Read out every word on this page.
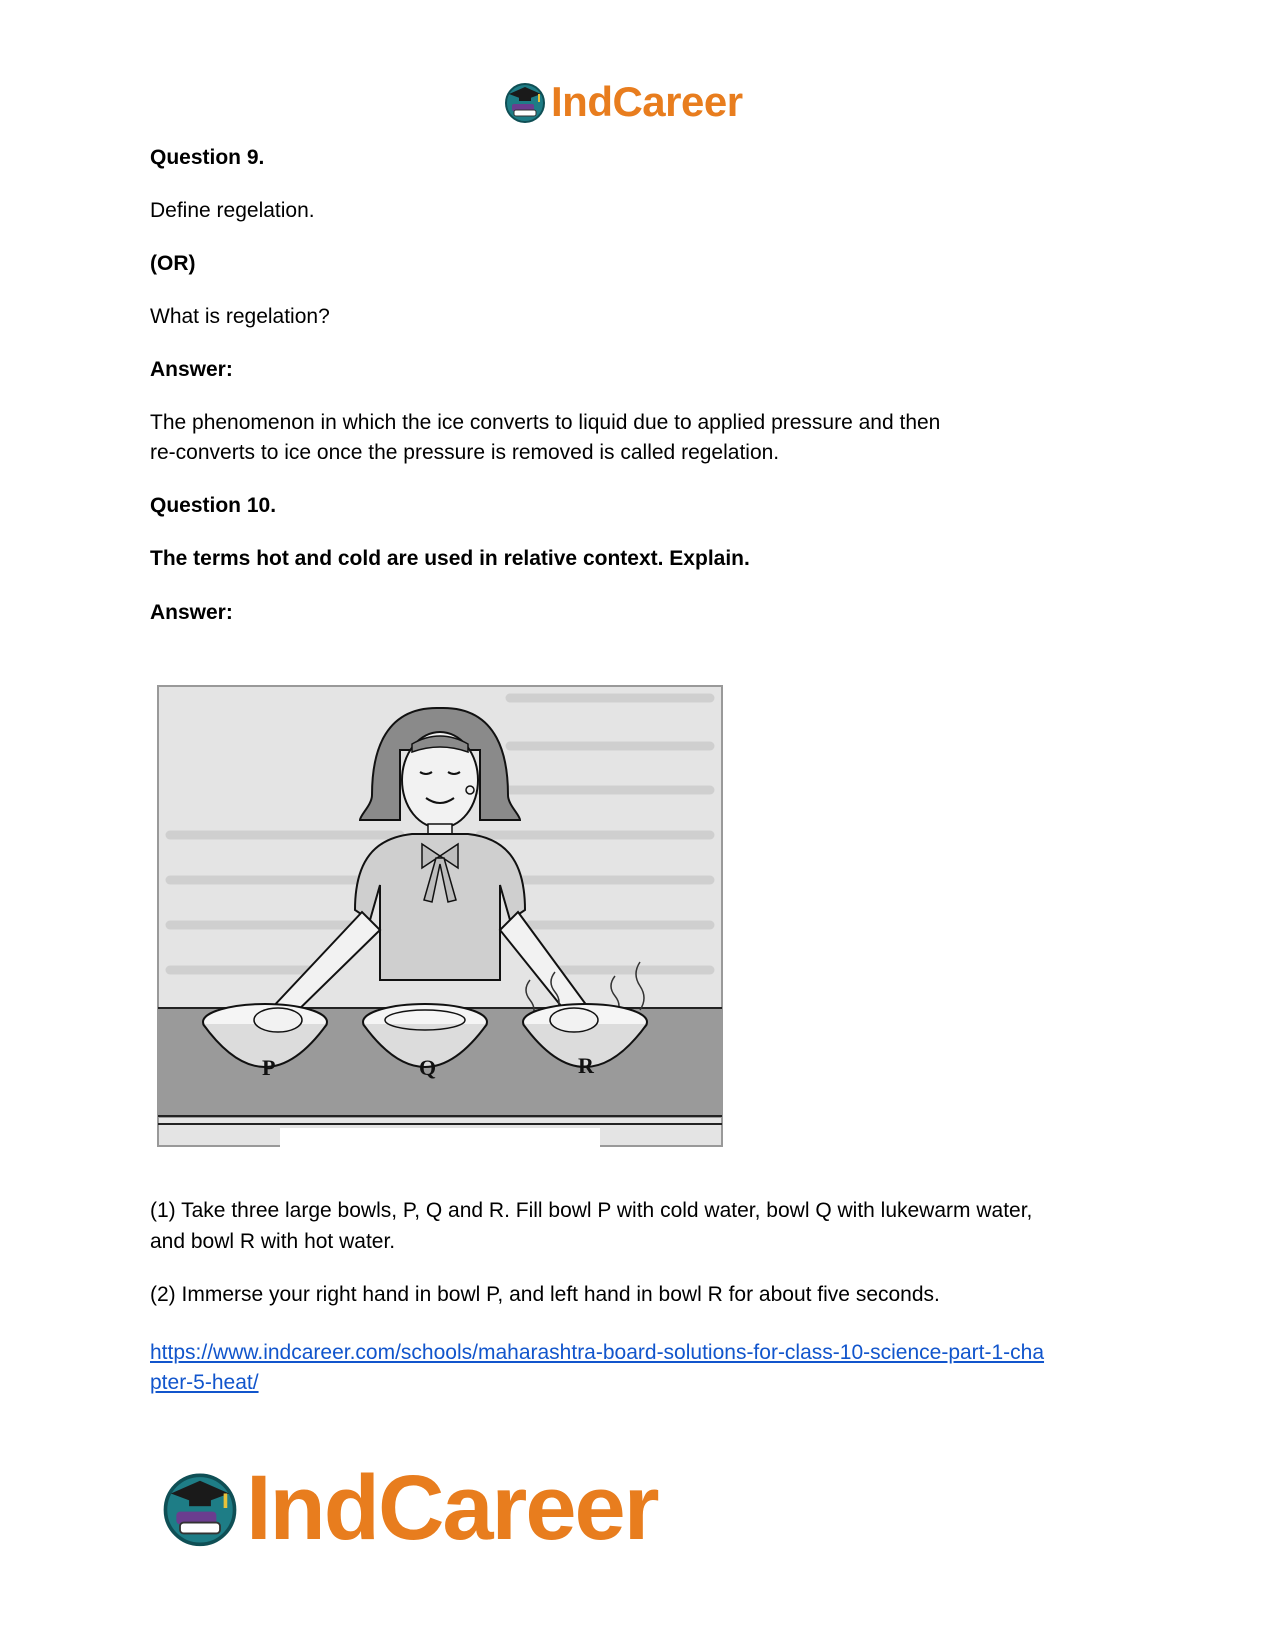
IndCareer
Question 9.
Define regelation.
(OR)
What is regelation?
Answer:
The phenomenon in which the ice converts to liquid due to applied pressure and then
re-converts to ice once the pressure is removed is called regelation.
Question 10.
The terms hot and cold are used in relative context. Explain.
Answer:
P	Q	R
(1) Take three large bowls, P, Q and R. Fill bowl P with cold water, bowl Q with lukewarm water,
and bowl R with hot water.
(2) Immerse your right hand in bowl P, and left hand in bowl R for about five seconds.
https://www.indcareer.com/schools/maharashtra-board-solutions-for-class-10-science-part-1-cha
pter-5-heat/
IndCareer
